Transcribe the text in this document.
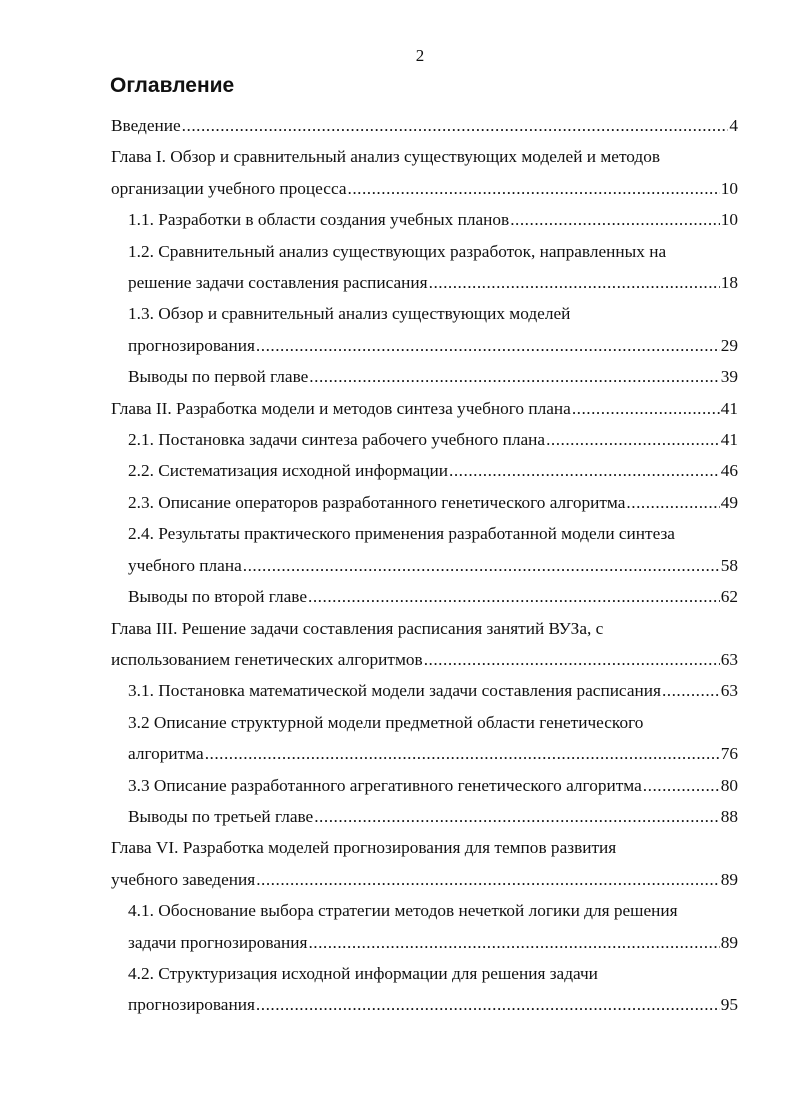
2
Оглавление
Введение .....	4
Глава I. Обзор и сравнительный анализ существующих моделей и методов
организации учебного процесса .....	10
1.1. Разработки в области создания учебных планов .....	10
1.2. Сравнительный анализ существующих разработок, направленных на
решение задачи составления расписания .....	18
1.3. Обзор и сравнительный анализ существующих моделей
прогнозирования .....	29
Выводы по первой главе .....	39
Глава II. Разработка модели и методов синтеза учебного плана .....	41
2.1. Постановка задачи синтеза рабочего учебного плана .....	41
2.2. Систематизация исходной информации .....	46
2.3. Описание операторов разработанного генетического алгоритма .....	49
2.4. Результаты практического применения разработанной модели синтеза
учебного плана .....	58
Выводы по второй главе .....	62
Глава III. Решение задачи составления расписания занятий ВУЗа, с
использованием генетических алгоритмов .....	63
3.1. Постановка математической модели задачи составления расписания .....	63
3.2 Описание структурной модели предметной области генетического
алгоритма .....	76
3.3 Описание разработанного агрегативного генетического алгоритма .....	80
Выводы по третьей главе .....	88
Глава VI. Разработка моделей прогнозирования для темпов развития
учебного заведения .....	89
4.1. Обоснование выбора стратегии методов нечеткой логики для решения
задачи прогнозирования .....	89
4.2. Структуризация исходной информации для решения задачи
прогнозирования .....	95
